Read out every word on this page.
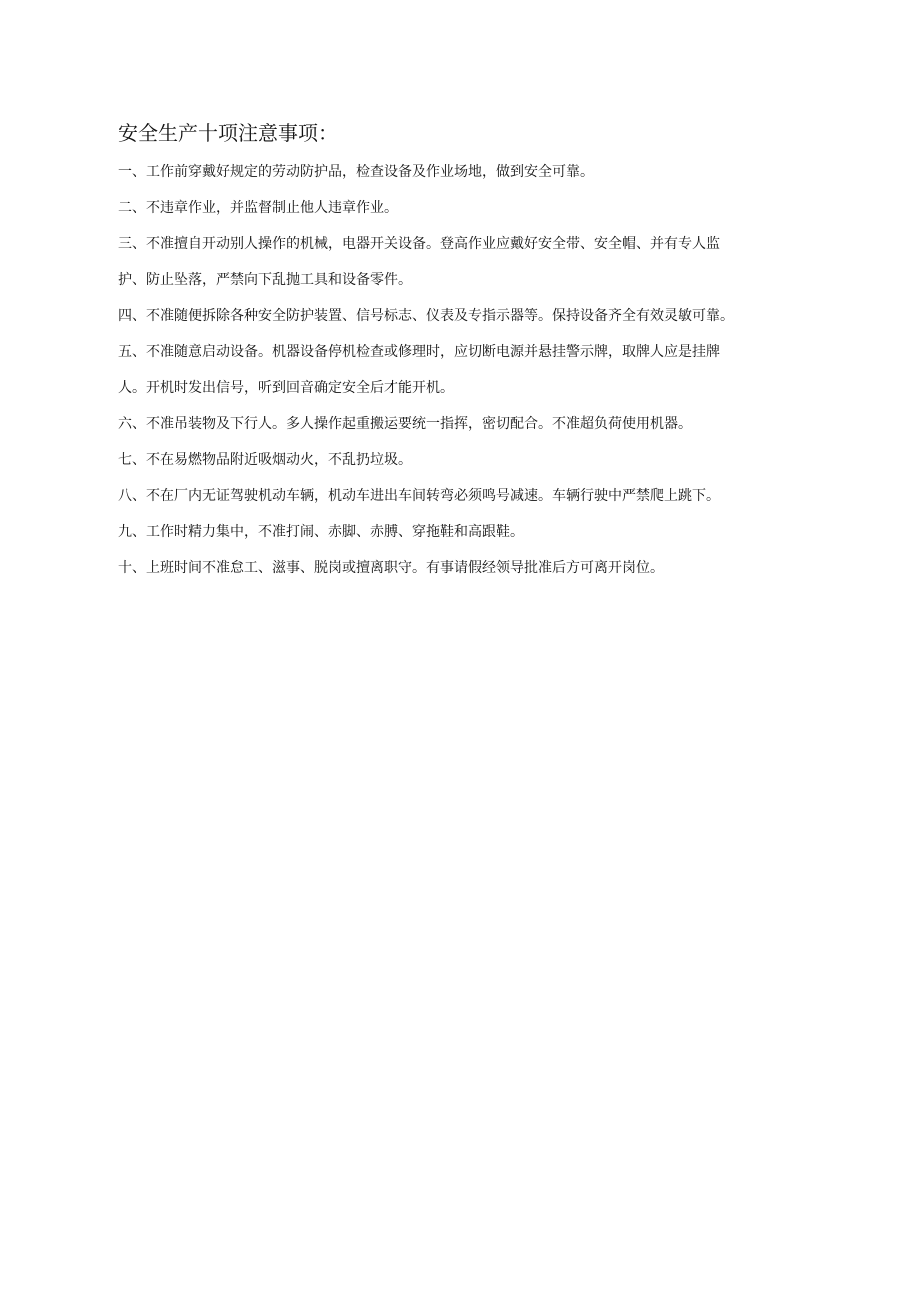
安全生产十项注意事项：
一、工作前穿戴好规定的劳动防护品，检查设备及作业场地，做到安全可靠。
二、不违章作业，并监督制止他人违章作业。
三、不准擅自开动别人操作的机械，电器开关设备。登高作业应戴好安全带、安全帽、并有专人监
护、防止坠落，严禁向下乱抛工具和设备零件。
四、不准随便拆除各种安全防护装置、信号标志、仪表及专指示器等。保持设备齐全有效灵敏可靠。
五、不准随意启动设备。机器设备停机检查或修理时，应切断电源并悬挂警示牌，取牌人应是挂牌
人。开机时发出信号，听到回音确定安全后才能开机。
六、不准吊装物及下行人。多人操作起重搬运要统一指挥，密切配合。不准超负荷使用机器。
七、不在易燃物品附近吸烟动火，不乱扔垃圾。
八、不在厂内无证驾驶机动车辆，机动车进出车间转弯必须鸣号减速。车辆行驶中严禁爬上跳下。
九、工作时精力集中，不准打闹、赤脚、赤膊、穿拖鞋和高跟鞋。
十、上班时间不准怠工、滋事、脱岗或擅离职守。有事请假经领导批准后方可离开岗位。
